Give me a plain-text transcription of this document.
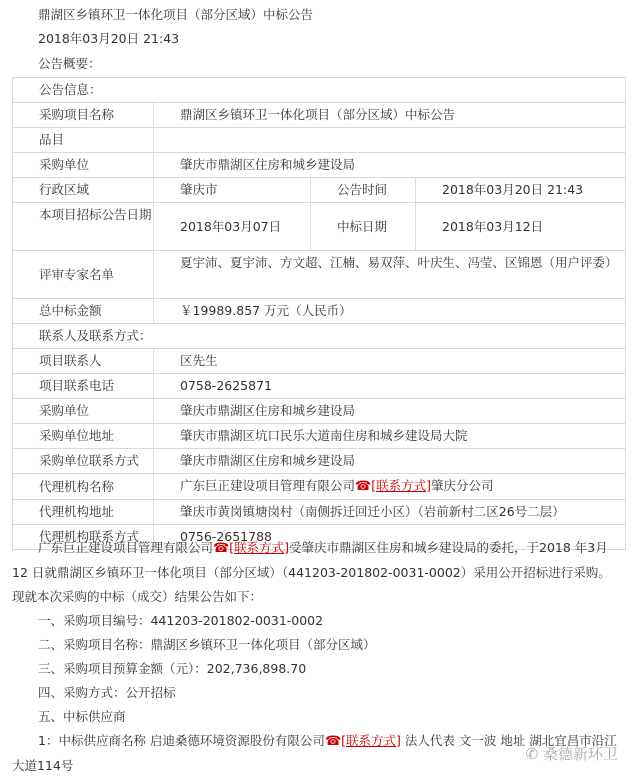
鼎湖区乡镇环卫一体化项目（部分区域）中标公告
2018年03月20日 21:43
公告概要：
公告信息：			
采购项目名称	鼎湖区乡镇环卫一体化项目（部分区域）中标公告		
品目			
采购单位	肇庆市鼎湖区住房和城乡建设局		
行政区域	肇庆市	公告时间	2018年03月20日 21:43
本项目招标公告日期	2018年03月07日	中标日期	2018年03月12日
评审专家名单	夏宇沛、夏宇沛、方文超、江楠、易双萍、叶庆生、冯莹、区锦恩（用户评委）		
总中标金额	￥19989.857 万元（人民币）		
联系人及联系方式：			
项目联系人	区先生		
项目联系电话	0758-2625871		
采购单位	肇庆市鼎湖区住房和城乡建设局		
采购单位地址	肇庆市鼎湖区坑口民乐大道南住房和城乡建设局大院		
采购单位联系方式	肇庆市鼎湖区住房和城乡建设局		
代理机构名称	广东巨正建设项目管理有限公司☎[联系方式]肇庆分公司		
代理机构地址	肇庆市黄岗镇塘岗村（南侧拆迁回迁小区）（岩前新村二区26号二层）		
代理机构联系方式	0756-2651788		

广东巨正建设项目管理有限公司☎[联系方式]受肇庆市鼎湖区住房和城乡建设局的委托，于2018 年3月12 日就鼎湖区乡镇环卫一体化项目（部分区域）（441203-201802-0031-0002）采用公开招标进行采购。现就本次采购的中标（成交）结果公告如下：

一、采购项目编号：441203-201802-0031-0002

二、采购项目名称：鼎湖区乡镇环卫一体化项目（部分区域）

三、采购项目预算金额（元）：202,736,898.70

四、采购方式：公开招标

五、中标供应商

1：中标供应商名称 启迪桑德环境资源股份有限公司☎[联系方式] 法人代表 文一波 地址 湖北宜昌市沿江大道114号

✆ 桑德新环卫
